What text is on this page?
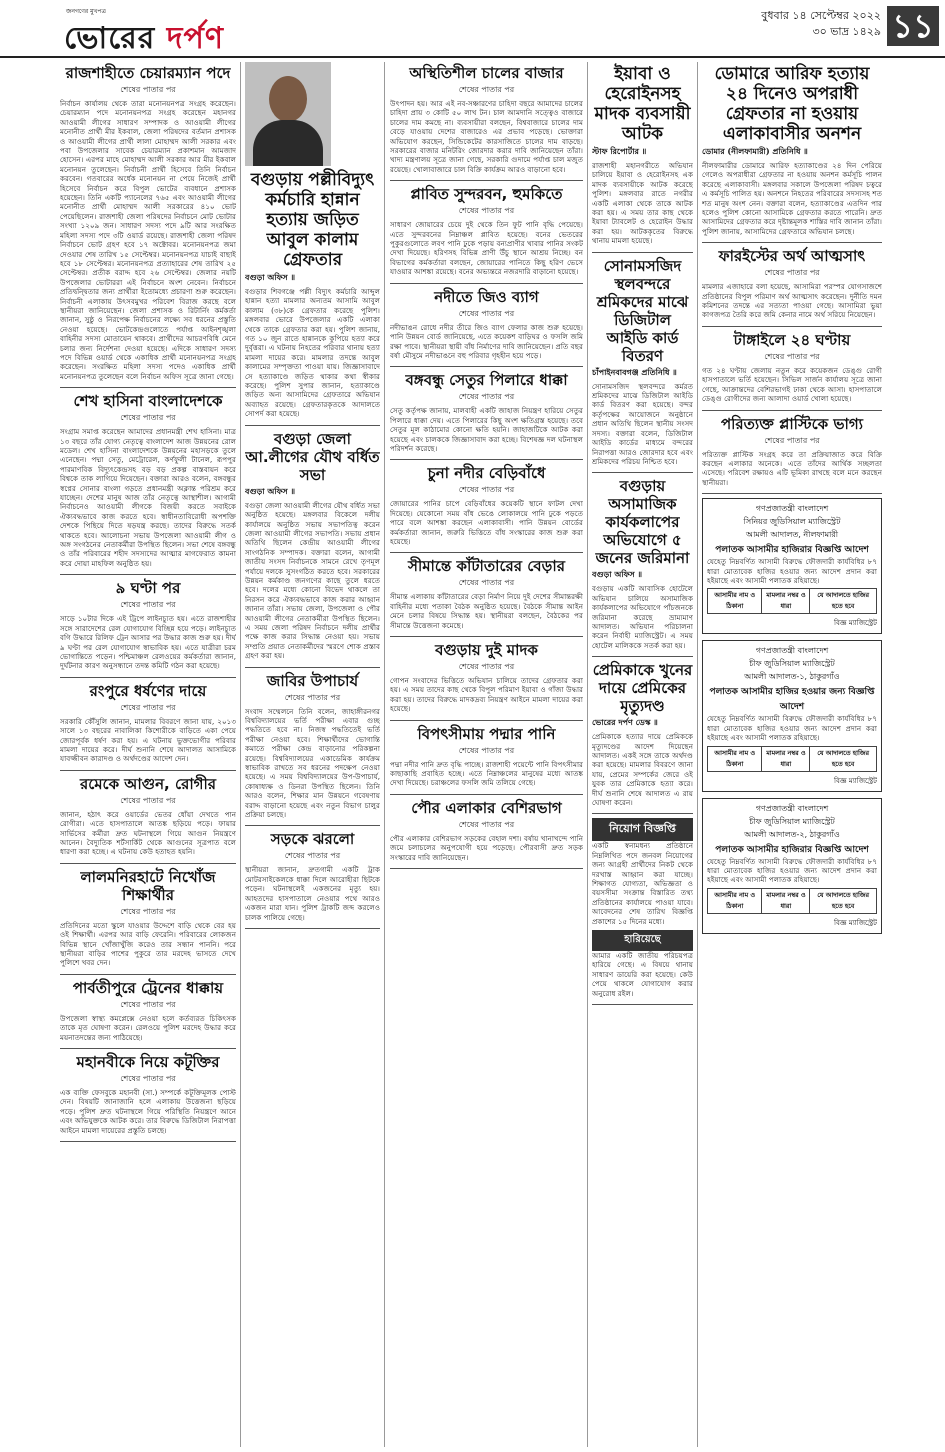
জনগণের মুখপত্র
ভোরের দর্পণ
বুধবার ১৪ সেপ্টেম্বর ২০২২
৩০ ভাদ্র ১৪২৯ ১১
রাজশাহীতে চেয়ারম্যান পদে
শেষের পাতার পর
নির্বাচন কার্যালয় থেকে তারা মনোনয়নপত্র সংগ্রহ করেছেন। চেয়ারম্যান পদে মনোনয়নপত্র সংগ্রহ করেছেন মহানগর আওয়ামী লীগের সাধারণ সম্পাদক ও আওয়ামী লীগের মনোনীত প্রার্থী মীর ইকবাল, জেলা পরিষদের বর্তমান প্রশাসক ও আওয়ামী লীগের প্রার্থী লালা মোহাম্মদ আলী সরকার এবং পবা উপজেলার সাবেক চেয়ারম্যান প্রকাশমান আমজাদ হোসেন। এরপর মাহে মোহাম্মদ আলী সরকার আর মীর ইকবাল মনোনয়ন তুলেছেন। নির্বাচনী প্রার্থী হিসেবে তিনি নির্বাচন করবেন। গতবারের অর্ধেক মনোনয়ন না পেয়ে নিজেই প্রার্থী হিসেবে নির্বাচন করে বিপুল ভোটের ব্যবধানে প্রশাসক হয়েছেন। তিনি একটি প্যানেলের ৭৬৫ এবং আওয়ামী লীগের মনোনীত প্রার্থী মোহাম্মদ আলী সরকারের ৪১০ ভোট পেয়েছিলেন। রাজশাহী জেলা পরিষদের নির্বাচনে মোট ভোটার সংখ্যা ১২০৯ জন। সাধারণ সদস্য পদে ৯টি আর সংরক্ষিত মহিলা সদস্য পদে ৩টি ওয়ার্ড রয়েছে। রাজশাহী জেলা পরিষদ নির্বাচনে ভোট গ্রহণ হবে ১৭ অক্টোবর। মনোনয়নপত্র জমা দেওয়ার শেষ তারিখ ১৫ সেপ্টেম্বর। মনোনয়নপত্র যাচাই বাছাই হবে ১৮ সেপ্টেম্বর। মনোনয়নপত্র প্রত্যাহারের শেষ তারিখ ২৫ সেপ্টেম্বর। প্রতীক বরাদ্দ হবে ২৬ সেপ্টেম্বর। জেলার নয়টি উপজেলার ভোটাররা এই নির্বাচনে অংশ নেবেন। নির্বাচনে প্রতিদ্বন্দ্বিতার জন্য প্রার্থীরা ইতোমধ্যে প্রচারণা শুরু করেছেন। নির্বাচনী এলাকায় উৎসবমুখর পরিবেশ বিরাজ করছে বলে স্থানীয়রা জানিয়েছেন। জেলা প্রশাসক ও রিটার্নিং কর্মকর্তা জানান, সুষ্ঠু ও নিরপেক্ষ নির্বাচনের লক্ষ্যে সব ধরনের প্রস্তুতি নেওয়া হয়েছে। ভোটকেন্দ্রগুলোতে পর্যাপ্ত আইনশৃঙ্খলা বাহিনীর সদস্য মোতায়েন থাকবে। প্রার্থীদের আচরণবিধি মেনে চলার জন্য নির্দেশনা দেওয়া হয়েছে। এদিকে সাধারণ সদস্য পদে বিভিন্ন ওয়ার্ড থেকে একাধিক প্রার্থী মনোনয়নপত্র সংগ্রহ করেছেন। সংরক্ষিত মহিলা সদস্য পদেও একাধিক প্রার্থী মনোনয়নপত্র তুলেছেন বলে নির্বাচন অফিস সূত্রে জানা গেছে।
শেখ হাসিনা বাংলাদেশকে
শেষের পাতার পর
সংগ্রাম সমাপ্ত করেছেন আমাদের প্রধানমন্ত্রী শেখ হাসিনা। মাত্র ১৩ বছরে তাঁর যোগ্য নেতৃত্বে বাংলাদেশ আজ উন্নয়নের রোল মডেল। শেখ হাসিনা বাংলাদেশকে উন্নয়নের মহাসড়কে তুলে এনেছেন। পদ্মা সেতু, মেট্রোরেল, কর্ণফুলী টানেল, রূপপুর পারমাণবিক বিদ্যুৎকেন্দ্রসহ বড় বড় প্রকল্প বাস্তবায়ন করে বিশ্বকে তাক লাগিয়ে দিয়েছেন। বক্তারা আরও বলেন, বঙ্গবন্ধুর স্বপ্নের সোনার বাংলা গড়তে প্রধানমন্ত্রী অক্লান্ত পরিশ্রম করে যাচ্ছেন। দেশের মানুষ আজ তাঁর নেতৃত্বে আস্থাশীল। আগামী নির্বাচনেও আওয়ামী লীগকে বিজয়ী করতে সবাইকে ঐক্যবদ্ধভাবে কাজ করতে হবে। স্বাধীনতাবিরোধী অপশক্তি দেশকে পিছিয়ে দিতে ষড়যন্ত্র করছে। তাদের বিরুদ্ধে সতর্ক থাকতে হবে। আলোচনা সভায় উপজেলা আওয়ামী লীগ ও অঙ্গ সংগঠনের নেতাকর্মীরা উপস্থিত ছিলেন। সভা শেষে বঙ্গবন্ধু ও তাঁর পরিবারের শহীদ সদস্যদের আত্মার মাগফেরাত কামনা করে দোয়া মাহফিল অনুষ্ঠিত হয়।
৯ ঘণ্টা পর
শেষের পাতার পর
সাড়ে ১০টার দিকে এই ট্রিপে লাইনচ্যুত হয়। এতে রাজশাহীর সঙ্গে সারাদেশের রেল যোগাযোগ বিচ্ছিন্ন হয়ে পড়ে। লাইনচ্যুত বগি উদ্ধারে রিলিফ ট্রেন আসার পর উদ্ধার কাজ শুরু হয়। দীর্ঘ ৯ ঘণ্টা পর রেল যোগাযোগ স্বাভাবিক হয়। এতে যাত্রীরা চরম ভোগান্তিতে পড়েন। পশ্চিমাঞ্চল রেলওয়ের কর্মকর্তারা জানান, দুর্ঘটনার কারণ অনুসন্ধানে তদন্ত কমিটি গঠন করা হয়েছে।
রংপুরে ধর্ষণের দায়ে
শেষের পাতার পর
সরকারি কৌঁসুলি জানান, মামলার বিবরণে জানা যায়, ২০১৩ সালে ১৩ বছরের নাবালিকা কিশোরীকে বাড়িতে একা পেয়ে জোরপূর্বক ধর্ষণ করা হয়। এ ঘটনায় ভুক্তভোগীর পরিবার মামলা দায়ের করে। দীর্ঘ শুনানি শেষে আদালত আসামিকে যাবজ্জীবন কারাদণ্ড ও অর্থদণ্ডের আদেশ দেন।
রমেকে আগুন, রোগীর
শেষের পাতার পর
জানান, হঠাৎ করে ওয়ার্ডের ভেতর ধোঁয়া দেখতে পান রোগীরা। এতে হাসপাতালে আতঙ্ক ছড়িয়ে পড়ে। ফায়ার সার্ভিসের কর্মীরা দ্রুত ঘটনাস্থলে গিয়ে আগুন নিয়ন্ত্রণে আনেন। বৈদ্যুতিক শর্টসার্কিট থেকে আগুনের সূত্রপাত বলে ধারণা করা হচ্ছে। এ ঘটনায় কেউ হতাহত হয়নি।
লালমনিরহাটে নিখোঁজ শিক্ষার্থীর
শেষের পাতার পর
প্রতিদিনের মতো স্কুলে যাওয়ার উদ্দেশে বাড়ি থেকে বের হয় ওই শিক্ষার্থী। এরপর আর বাড়ি ফেরেনি। পরিবারের লোকজন বিভিন্ন স্থানে খোঁজাখুঁজি করেও তার সন্ধান পাননি। পরে স্থানীয়রা বাড়ির পাশের পুকুরে তার মরদেহ ভাসতে দেখে পুলিশে খবর দেন।
পার্বতীপুরে ট্রেনের ধাক্কায়
শেষের পাতার পর
উপজেলা স্বাস্থ্য কমপ্লেক্সে নেওয়া হলে কর্তব্যরত চিকিৎসক তাকে মৃত ঘোষণা করেন। রেলওয়ে পুলিশ মরদেহ উদ্ধার করে ময়নাতদন্তের জন্য পাঠিয়েছে।
মহানবীকে নিয়ে কটূক্তির
শেষের পাতার পর
এক ব্যক্তি ফেসবুকে মহানবী (সা.) সম্পর্কে কটূক্তিমূলক পোস্ট দেন। বিষয়টি জানাজানি হলে এলাকায় উত্তেজনা ছড়িয়ে পড়ে। পুলিশ দ্রুত ঘটনাস্থলে গিয়ে পরিস্থিতি নিয়ন্ত্রণে আনে এবং অভিযুক্তকে আটক করে। তার বিরুদ্ধে ডিজিটাল নিরাপত্তা আইনে মামলা দায়েরের প্রস্তুতি চলছে।
বগুড়ায় পল্লীবিদ্যুৎ কর্মচারি হান্নান হত্যায় জড়িত আবুল কালাম গ্রেফতার
বগুড়া অফিস ॥
বগুড়ার শিবগঞ্জে পল্লী বিদ্যুৎ কর্মচারি আব্দুল হান্নান হত্যা মামলার অন্যতম আসামি আবুল কালাম (৩৮)কে গ্রেফতার করেছে পুলিশ। মঙ্গলবার ভোরে উপজেলার একটি এলাকা থেকে তাকে গ্রেফতার করা হয়। পুলিশ জানায়, গত ১০ জুন রাতে হান্নানকে কুপিয়ে হত্যা করে দুর্বৃত্তরা। এ ঘটনায় নিহতের পরিবার থানায় হত্যা মামলা দায়ের করে। মামলার তদন্তে আবুল কালামের সম্পৃক্ততা পাওয়া যায়। জিজ্ঞাসাবাদে সে হত্যাকাণ্ডে জড়িত থাকার কথা স্বীকার করেছে। পুলিশ সুপার জানান, হত্যাকাণ্ডে জড়িত অন্য আসামিদের গ্রেফতারে অভিযান অব্যাহত রয়েছে। গ্রেফতারকৃতকে আদালতে সোপর্দ করা হয়েছে।
বগুড়া জেলা আ.লীগের যৌথ বর্ধিত সভা
বগুড়া অফিস ॥
বগুড়া জেলা আওয়ামী লীগের যৌথ বর্ধিত সভা অনুষ্ঠিত হয়েছে। মঙ্গলবার বিকেলে দলীয় কার্যালয়ে অনুষ্ঠিত সভায় সভাপতিত্ব করেন জেলা আওয়ামী লীগের সভাপতি। সভায় প্রধান অতিথি ছিলেন কেন্দ্রীয় আওয়ামী লীগের সাংগঠনিক সম্পাদক। বক্তারা বলেন, আগামী জাতীয় সংসদ নির্বাচনকে সামনে রেখে তৃণমূল পর্যায়ে দলকে সুসংগঠিত করতে হবে। সরকারের উন্নয়ন কর্মকাণ্ড জনগণের কাছে তুলে ধরতে হবে। দলের মধ্যে কোনো বিভেদ থাকলে তা নিরসন করে ঐক্যবদ্ধভাবে কাজ করার আহ্বান জানান তাঁরা। সভায় জেলা, উপজেলা ও পৌর আওয়ামী লীগের নেতাকর্মীরা উপস্থিত ছিলেন। এ সময় জেলা পরিষদ নির্বাচনে দলীয় প্রার্থীর পক্ষে কাজ করার সিদ্ধান্ত নেওয়া হয়। সভায় সম্প্রতি প্রয়াত নেতাকর্মীদের স্মরণে শোক প্রস্তাব গ্রহণ করা হয়।
জাবির উপাচার্য
শেষের পাতার পর
সংবাদ সম্মেলনে তিনি বলেন, জাহাঙ্গীরনগর বিশ্ববিদ্যালয়ের ভর্তি পরীক্ষা এবার গুচ্ছ পদ্ধতিতে হবে না। নিজস্ব পদ্ধতিতেই ভর্তি পরীক্ষা নেওয়া হবে। শিক্ষার্থীদের ভোগান্তি কমাতে পরীক্ষা কেন্দ্র বাড়ানোর পরিকল্পনা রয়েছে। বিশ্ববিদ্যালয়ের একাডেমিক কার্যক্রম স্বাভাবিক রাখতে সব ধরনের পদক্ষেপ নেওয়া হয়েছে। এ সময় বিশ্ববিদ্যালয়ের উপ-উপাচার্য, কোষাধ্যক্ষ ও ডিনরা উপস্থিত ছিলেন। তিনি আরও বলেন, শিক্ষার মান উন্নয়নে গবেষণায় বরাদ্দ বাড়ানো হয়েছে এবং নতুন বিভাগ চালুর প্রক্রিয়া চলছে।
সড়কে ঝরলো
শেষের পাতার পর
স্থানীয়রা জানান, দ্রুতগামী একটি ট্রাক মোটরসাইকেলকে ধাক্কা দিলে আরোহীরা ছিটকে পড়েন। ঘটনাস্থলেই একজনের মৃত্যু হয়। আহতদের হাসপাতালে নেওয়ার পথে আরও একজন মারা যান। পুলিশ ট্রাকটি জব্দ করলেও চালক পালিয়ে গেছে।
অস্থিতিশীল চালের বাজার
শেষের পাতার পর
উৎপাদন হয়। আর এই নব-সঞ্চারণের চাহিদা বছরে আমাদের চালের চাহিদা প্রায় ৩ কোটি ৫০ লাখ টন। চাল আমদানি সত্ত্বেও বাজারে চালের দাম কমছে না। ব্যবসায়ীরা বলছেন, বিশ্ববাজারে চালের দাম বেড়ে যাওয়ায় দেশের বাজারেও এর প্রভাব পড়েছে। ভোক্তারা অভিযোগ করছেন, সিন্ডিকেটের কারসাজিতে চালের দাম বাড়ছে। সরকারের বাজার মনিটরিং জোরদার করার দাবি জানিয়েছেন তাঁরা। খাদ্য মন্ত্রণালয় সূত্রে জানা গেছে, সরকারি গুদামে পর্যাপ্ত চাল মজুত রয়েছে। খোলাবাজারে চাল বিক্রি কার্যক্রম আরও বাড়ানো হবে।
প্লাবিত সুন্দরবন, হুমকিতে
শেষের পাতার পর
সাধারণ জোয়ারের চেয়ে দুই থেকে তিন ফুট পানি বৃদ্ধি পেয়েছে। এতে সুন্দরবনের নিম্নাঞ্চল প্লাবিত হয়েছে। বনের ভেতরের পুকুরগুলোতে লবণ পানি ঢুকে পড়ায় বন্যপ্রাণীর খাবার পানির সংকট দেখা দিয়েছে। হরিণসহ বিভিন্ন প্রাণী উঁচু স্থানে আশ্রয় নিচ্ছে। বন বিভাগের কর্মকর্তারা বলছেন, জোয়ারের পানিতে কিছু হরিণ ভেসে যাওয়ার আশঙ্কা রয়েছে। বনের অভ্যন্তরে নজরদারি বাড়ানো হয়েছে।
নদীতে জিও ব্যাগ
শেষের পাতার পর
নদীভাঙন রোধে নদীর তীরে জিও ব্যাগ ফেলার কাজ শুরু হয়েছে। পানি উন্নয়ন বোর্ড জানিয়েছে, এতে কয়েকশ বাড়িঘর ও ফসলি জমি রক্ষা পাবে। স্থানীয়রা স্থায়ী বাঁধ নির্মাণের দাবি জানিয়েছেন। প্রতি বছর বর্ষা মৌসুমে নদীভাঙনে বহু পরিবার গৃহহীন হয়ে পড়ে।
বঙ্গবন্ধু সেতুর পিলারে ধাক্কা
শেষের পাতার পর
সেতু কর্তৃপক্ষ জানায়, মালবাহী একটি জাহাজ নিয়ন্ত্রণ হারিয়ে সেতুর পিলারে ধাক্কা দেয়। এতে পিলারের কিছু অংশ ক্ষতিগ্রস্ত হয়েছে। তবে সেতুর মূল কাঠামোর কোনো ক্ষতি হয়নি। জাহাজটিকে আটক করা হয়েছে এবং চালককে জিজ্ঞাসাবাদ করা হচ্ছে। বিশেষজ্ঞ দল ঘটনাস্থল পরিদর্শন করেছে।
চুনা নদীর বেড়িবাঁধে
শেষের পাতার পর
জোয়ারের পানির চাপে বেড়িবাঁধের কয়েকটি স্থানে ফাটল দেখা দিয়েছে। যেকোনো সময় বাঁধ ভেঙে লোকালয়ে পানি ঢুকে পড়তে পারে বলে আশঙ্কা করছেন এলাকাবাসী। পানি উন্নয়ন বোর্ডের কর্মকর্তারা জানান, জরুরি ভিত্তিতে বাঁধ সংস্কারের কাজ শুরু করা হয়েছে।
সীমান্তে কাঁটাতারের বেড়ার
শেষের পাতার পর
সীমান্ত এলাকায় কাঁটাতারের বেড়া নির্মাণ নিয়ে দুই দেশের সীমান্তরক্ষী বাহিনীর মধ্যে পতাকা বৈঠক অনুষ্ঠিত হয়েছে। বৈঠকে সীমান্ত আইন মেনে চলার বিষয়ে সিদ্ধান্ত হয়। স্থানীয়রা বলছেন, বৈঠকের পর সীমান্তে উত্তেজনা কমেছে।
বগুড়ায় দুই মাদক
শেষের পাতার পর
গোপন সংবাদের ভিত্তিতে অভিযান চালিয়ে তাদের গ্রেফতার করা হয়। এ সময় তাদের কাছ থেকে বিপুল পরিমাণ ইয়াবা ও গাঁজা উদ্ধার করা হয়। তাদের বিরুদ্ধে মাদকদ্রব্য নিয়ন্ত্রণ আইনে মামলা দায়ের করা হয়েছে।
বিপৎসীমায় পদ্মার পানি
শেষের পাতার পর
পদ্মা নদীর পানি দ্রুত বৃদ্ধি পাচ্ছে। রাজশাহী পয়েন্টে পানি বিপৎসীমার কাছাকাছি প্রবাহিত হচ্ছে। এতে নিম্নাঞ্চলের মানুষের মধ্যে আতঙ্ক দেখা দিয়েছে। চরাঞ্চলের ফসলি জমি তলিয়ে গেছে।
পৌর এলাকার বেশিরভাগ
শেষের পাতার পর
পৌর এলাকার বেশিরভাগ সড়কের বেহাল দশা। বর্ষায় খানাখন্দে পানি জমে চলাচলের অনুপযোগী হয়ে পড়েছে। পৌরবাসী দ্রুত সড়ক সংস্কারের দাবি জানিয়েছেন।
ইয়াবা ও হেরোইনসহ মাদক ব্যবসায়ী আটক
স্টাফ রিপোর্টার ॥
রাজশাহী মহানগরীতে অভিযান চালিয়ে ইয়াবা ও হেরোইনসহ এক মাদক ব্যবসায়ীকে আটক করেছে পুলিশ। মঙ্গলবার রাতে নগরীর একটি এলাকা থেকে তাকে আটক করা হয়। এ সময় তার কাছ থেকে ইয়াবা ট্যাবলেট ও হেরোইন উদ্ধার করা হয়। আটককৃতের বিরুদ্ধে থানায় মামলা হয়েছে।
সোনামসজিদ স্থলবন্দরে শ্রমিকদের মাঝে ডিজিটাল আইডি কার্ড বিতরণ
চাঁপাইনবাবগঞ্জ প্রতিনিধি ॥
সোনামসজিদ স্থলবন্দরে কর্মরত শ্রমিকদের মাঝে ডিজিটাল আইডি কার্ড বিতরণ করা হয়েছে। বন্দর কর্তৃপক্ষের আয়োজনে অনুষ্ঠানে প্রধান অতিথি ছিলেন স্থানীয় সংসদ সদস্য। বক্তারা বলেন, ডিজিটাল আইডি কার্ডের মাধ্যমে বন্দরের নিরাপত্তা আরও জোরদার হবে এবং শ্রমিকদের পরিচয় নিশ্চিত হবে।
বগুড়ায় অসামাজিক কার্যকলাপের অভিযোগে ৫ জনের জরিমানা
বগুড়া অফিস ॥
বগুড়ায় একটি আবাসিক হোটেলে অভিযান চালিয়ে অসামাজিক কার্যকলাপের অভিযোগে পাঁচজনকে জরিমানা করেছে ভ্রাম্যমাণ আদালত। অভিযান পরিচালনা করেন নির্বাহী ম্যাজিস্ট্রেট। এ সময় হোটেল মালিককে সতর্ক করা হয়।
প্রেমিকাকে খুনের দায়ে প্রেমিকের মৃত্যুদণ্ড
ভোরের দর্পণ ডেস্ক ॥
প্রেমিকাকে হত্যার দায়ে প্রেমিককে মৃত্যুদণ্ডের আদেশ দিয়েছেন আদালত। একই সঙ্গে তাকে অর্থদণ্ড করা হয়েছে। মামলার বিবরণে জানা যায়, প্রেমের সম্পর্কের জেরে ওই যুবক তার প্রেমিকাকে হত্যা করে। দীর্ঘ শুনানি শেষে আদালত এ রায় ঘোষণা করেন।
নিয়োগ বিজ্ঞপ্তি
একটি স্বনামধন্য প্রতিষ্ঠানে নিম্নলিখিত পদে জনবল নিয়োগের জন্য আগ্রহী প্রার্থীদের নিকট থেকে দরখাস্ত আহ্বান করা যাচ্ছে। শিক্ষাগত যোগ্যতা, অভিজ্ঞতা ও বয়সসীমা সংক্রান্ত বিস্তারিত তথ্য প্রতিষ্ঠানের কার্যালয়ে পাওয়া যাবে। আবেদনের শেষ তারিখ বিজ্ঞপ্তি প্রকাশের ১৫ দিনের মধ্যে।
হারিয়েছে
আমার একটি জাতীয় পরিচয়পত্র হারিয়ে গেছে। এ বিষয়ে থানায় সাধারণ ডায়েরি করা হয়েছে। কেউ পেয়ে থাকলে যোগাযোগ করার অনুরোধ রইল।
ডোমারে আরিফ হত্যায় ২৪ দিনেও অপরাধী গ্রেফতার না হওয়ায় এলাকাবাসীর অনশন
ডোমার (নীলফামারী) প্রতিনিধি ॥
নীলফামারীর ডোমারে আরিফ হত্যাকাণ্ডের ২৪ দিন পেরিয়ে গেলেও অপরাধীরা গ্রেফতার না হওয়ায় অনশন কর্মসূচি পালন করেছে এলাকাবাসী। মঙ্গলবার সকালে উপজেলা পরিষদ চত্বরে এ কর্মসূচি পালিত হয়। অনশনে নিহতের পরিবারের সদস্যসহ শত শত মানুষ অংশ নেন। বক্তারা বলেন, হত্যাকাণ্ডের এতদিন পার হলেও পুলিশ কোনো আসামিকে গ্রেফতার করতে পারেনি। দ্রুত আসামিদের গ্রেফতার করে দৃষ্টান্তমূলক শাস্তির দাবি জানান তাঁরা। পুলিশ জানায়, আসামিদের গ্রেফতারে অভিযান চলছে।
ফারইস্টের অর্থ আত্মসাৎ
শেষের পাতার পর
মামলার এজাহারে বলা হয়েছে, আসামিরা পরস্পর যোগসাজশে প্রতিষ্ঠানের বিপুল পরিমাণ অর্থ আত্মসাৎ করেছেন। দুর্নীতি দমন কমিশনের তদন্তে এর সত্যতা পাওয়া গেছে। আসামিরা ভুয়া কাগজপত্র তৈরি করে জমি কেনার নামে অর্থ সরিয়ে নিয়েছেন।
টাঙ্গাইলে ২৪ ঘণ্টায়
শেষের পাতার পর
গত ২৪ ঘণ্টায় জেলায় নতুন করে কয়েকজন ডেঙ্গু রোগী হাসপাতালে ভর্তি হয়েছেন। সিভিল সার্জন কার্যালয় সূত্রে জানা গেছে, আক্রান্তদের বেশিরভাগই ঢাকা থেকে আসা। হাসপাতালে ডেঙ্গু রোগীদের জন্য আলাদা ওয়ার্ড খোলা হয়েছে।
পরিত্যক্ত প্লাস্টিকে ভাগ্য
শেষের পাতার পর
পরিত্যক্ত প্লাস্টিক সংগ্রহ করে তা প্রক্রিয়াজাত করে বিক্রি করছেন এলাকার অনেকে। এতে তাঁদের আর্থিক সচ্ছলতা এসেছে। পরিবেশ রক্ষায়ও এটি ভূমিকা রাখছে বলে মনে করছেন স্থানীয়রা।
গণপ্রজাতন্ত্রী বাংলাদেশ
সিনিয়র জুডিসিয়াল ম্যাজিস্ট্রেট
আমলী আদালত, নীলফামারী
পলাতক আসামীর হাজিরার বিজ্ঞপ্তি আদেশ
যেহেতু নিম্নবর্ণিত আসামী বিরুদ্ধে ফৌজদারী কার্যবিধির ৮৭ ধারা মোতাবেক হাজির হওয়ার জন্য আদেশ প্রদান করা হইয়াছে এবং আসামী পলাতক রহিয়াছে।
আসামীর নাম ও ঠিকানা	মামলার নম্বর ও ধারা	যে আদালতে হাজির হতে হবে
বিজ্ঞ ম্যাজিস্ট্রেট
গণপ্রজাতন্ত্রী বাংলাদেশ
চীফ জুডিসিয়াল ম্যাজিস্ট্রেট
আমলী আদালত-১, ঠাকুরগাঁও
পলাতক আসামীর হাজির হওয়ার জন্য বিজ্ঞপ্তি আদেশ
যেহেতু নিম্নবর্ণিত আসামী বিরুদ্ধে ফৌজদারী কার্যবিধির ৮৭ ধারা মোতাবেক হাজির হওয়ার জন্য আদেশ প্রদান করা হইয়াছে এবং আসামী পলাতক রহিয়াছে।
আসামীর নাম ও ঠিকানা	মামলার নম্বর ও ধারা	যে আদালতে হাজির হতে হবে
বিজ্ঞ ম্যাজিস্ট্রেট
গণপ্রজাতন্ত্রী বাংলাদেশ
চীফ জুডিসিয়াল ম্যাজিস্ট্রেট
আমলী আদালত-২, ঠাকুরগাঁও
পলাতক আসামীর হাজিরার বিজ্ঞপ্তি আদেশ
যেহেতু নিম্নবর্ণিত আসামী বিরুদ্ধে ফৌজদারী কার্যবিধির ৮৭ ধারা মোতাবেক হাজির হওয়ার জন্য আদেশ প্রদান করা হইয়াছে এবং আসামী পলাতক রহিয়াছে।
আসামীর নাম ও ঠিকানা	মামলার নম্বর ও ধারা	যে আদালতে হাজির হতে হবে
বিজ্ঞ ম্যাজিস্ট্রেট
